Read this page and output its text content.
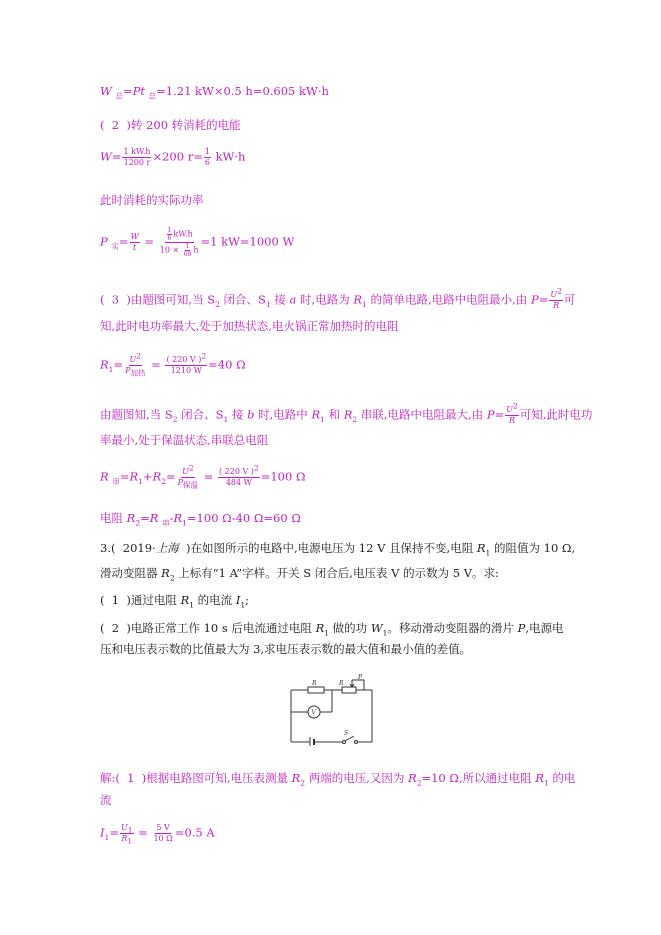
W $_总$=Pt $_总$=1.21 kW×0.5 h=0.605 kW·h
(  2  )转 200 转消耗的电能
$W= \frac{1 kW.h}{1200 r} \times 200$ $r= \frac{1}{6} kW\cdot h$
此时消耗的实际功率
P $_实= \frac{W}{t} = \frac{\frac{1}{6} kW.h}{10 \times \frac{1}{60} h} =1$ kW=1000 W
(  3  )由题图可知,当 $S_2$ 闭合、$S_1$ 接 a 时,电路为 $R_1$ 的简单电路,电路中电阻最小,由 $P= \frac{U^2}{R}$ 可
知,此时电功率最大,处于加热状态,电火锅正常加热时的电阻
$R_1= \frac{U^2}{P_{加热}} = \frac{( 220 V )^2}{1210 W} =40$ Ω
由题图知,当 $S_2$ 闭合、$S_1$ 接 b 时,电路中 $R_1$ 和 $R_2$ 串联,电路中电阻最大,由 $P= \frac{U^2}{R}$ 可知,此时电功
率最小,处于保温状态,串联总电阻
R $_串=R_1+R_2= \frac{U^2}{P_{保温}} = \frac{( 220 V )^2}{484 W} =100$ Ω
电阻 $R_2=R$ $_串-R_1=100$ Ω-40 Ω=60 Ω
3.(  2019·上海  )在如图所示的电路中,电源电压为 12 V 且保持不变,电阻 $R_1$ 的阻值为 10 Ω,
滑动变阻器 $R_2$ 上标有“1 A”字样。开关 S 闭合后,电压表 V 的示数为 5 V。求:
(  1  )通过电阻 $R_1$ 的电流 $I_1$;
(  2  )电路正常工作 10 s 后电流通过电阻 $R_1$ 做的功 $W_1$。移动滑动变阻器的滑片 P,电源电
压和电压表示数的比值最大为 3,求电压表示数的最大值和最小值的差值。
R	R
P
V
S
解:(  1  )根据电路图可知,电压表测量 $R_2$ 两端的电压,又因为 $R_2=10$ Ω,所以通过电阻 $R_1$ 的电
流
$I_1= \frac{U_1}{R_1} = \frac{5 V}{10 \Omega} =0.5$ A
